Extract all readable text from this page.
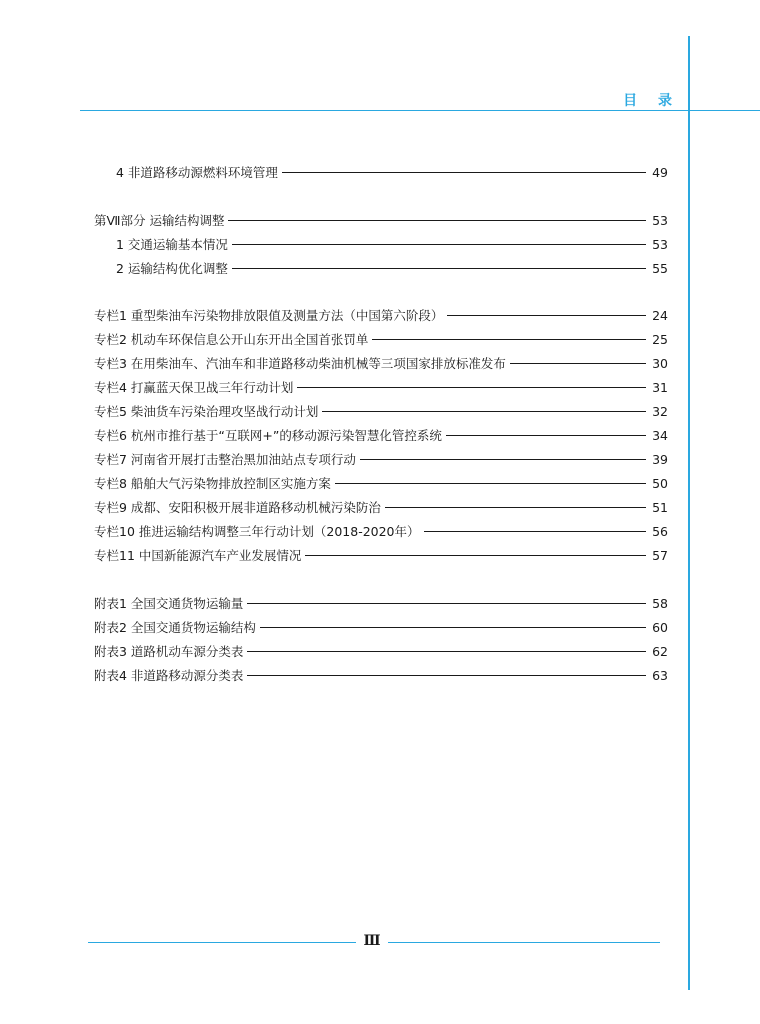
目 录
4 非道路移动源燃料环境管理	49
第Ⅶ部分 运输结构调整	53
1 交通运输基本情况	53
2 运输结构优化调整	55
专栏1 重型柴油车污染物排放限值及测量方法（中国第六阶段）	24
专栏2 机动车环保信息公开山东开出全国首张罚单	25
专栏3 在用柴油车、汽油车和非道路移动柴油机械等三项国家排放标准发布	30
专栏4 打赢蓝天保卫战三年行动计划	31
专栏5 柴油货车污染治理攻坚战行动计划	32
专栏6 杭州市推行基于“互联网+”的移动源污染智慧化管控系统	34
专栏7 河南省开展打击整治黑加油站点专项行动	39
专栏8 船舶大气污染物排放控制区实施方案	50
专栏9 成都、安阳积极开展非道路移动机械污染防治	51
专栏10 推进运输结构调整三年行动计划（2018-2020年）	56
专栏11 中国新能源汽车产业发展情况	57
附表1 全国交通货物运输量	58
附表2 全国交通货物运输结构	60
附表3 道路机动车源分类表	62
附表4 非道路移动源分类表	63
Ⅲ
